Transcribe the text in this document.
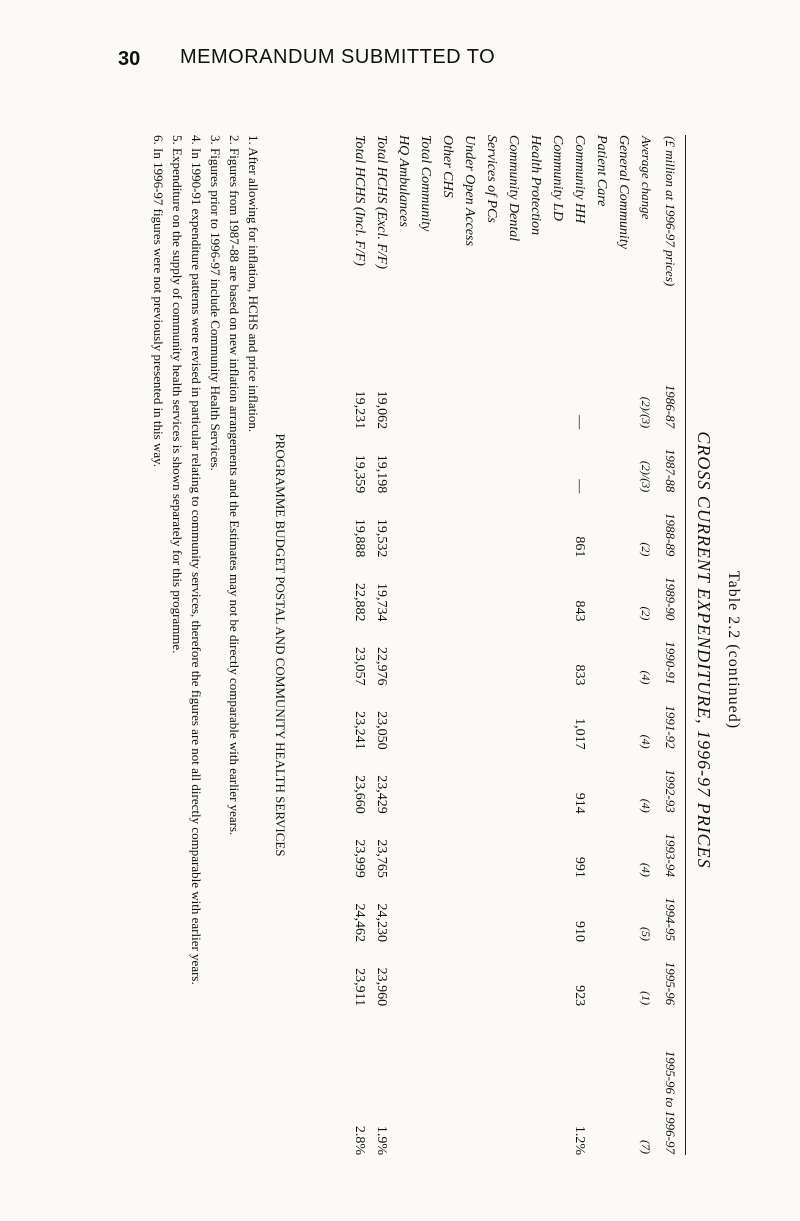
30 MEMORANDUM SUBMITTED TO
Table 2.2 (continued)
CROSS CURRENT EXPENDITURE, 1996-97 PRICES
(£ million at 1996-97 prices)	1986-87	1987-88	1988-89	1989-90	1990-91	1991-92	1992-93	1993-94	1994-95	1995-96	1995-96 to 1996-97
Average change	(2)/(3)	(2)/(3)	(2)	(2)	(4)	(4)	(4)	(4)	(5)	(1)	(7)
General Community											
Patient Care											
Community HH	—	—	861	843	833	1,017	914	991	910	923	1.2%
Community LD											
Health Protection											
Community Dental											
Services of PCs											
Under Open Access											
Other CHS											
Total Community											
HQ Ambulances											
Total HCHS (Excl. F/F)	19,062	19,198	19,532	19,734	22,976	23,050	23,429	23,765	24,230	23,960	1.9%
Total HCHS (Incl. F/F)	19,231	19,359	19,888	22,882	23,057	23,241	23,660	23,999	24,462	23,911	2.8%

PROGRAMME BUDGET POSTAL AND COMMUNITY HEALTH SERVICES

1. After allowing for inflation, HCHS and price inflation.

2. Figures from 1987-88 are based on new inflation arrangements and the Estimates may not be directly comparable with earlier years.

3. Figures prior to 1996-97 include Community Health Services.

4. In 1990-91 expenditure patterns were revised in particular relating to community services, therefore the figures are not all directly comparable with earlier years.

5. Expenditure on the supply of community health services is shown separately for this programme.

6. In 1996-97 figures were not previously presented in this way.
